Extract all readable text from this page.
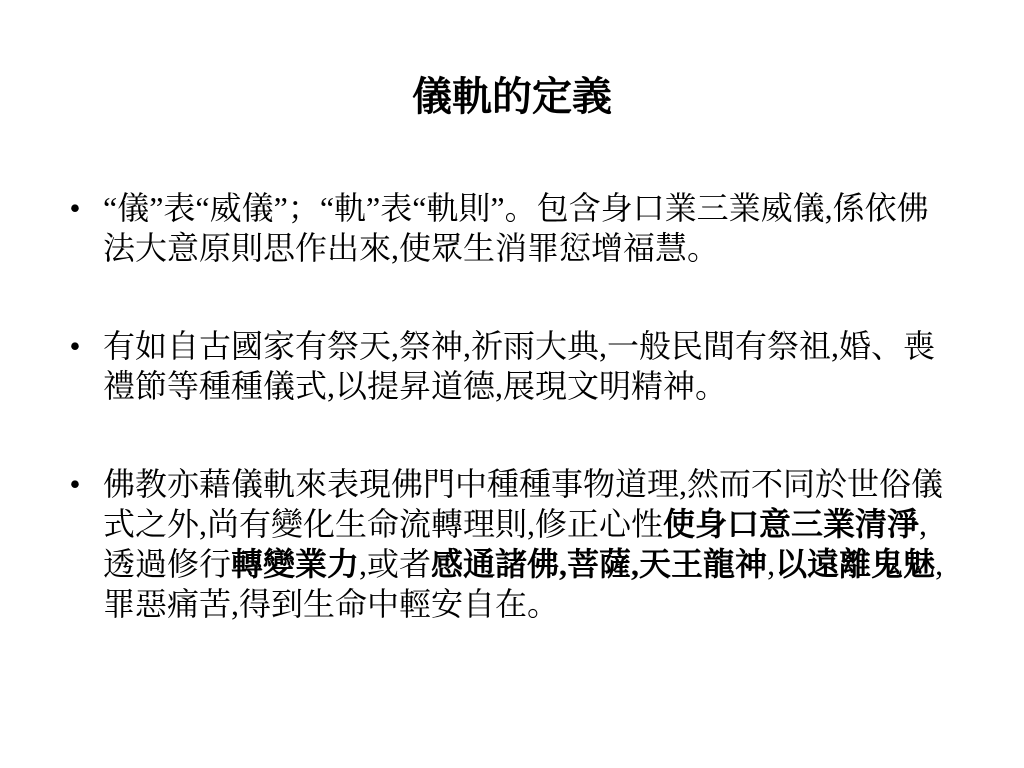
儀軌的定義
• “儀”表“威儀”；“軌”表“軌則”。包含身口業三業威儀,係依佛法大意原則思作出來,使眾生消罪愆增福慧。
• 有如自古國家有祭天,祭神,祈雨大典,一般民間有祭祖,婚、喪禮節等種種儀式,以提昇道德,展現文明精神。
• 佛教亦藉儀軌來表現佛門中種種事物道理,然而不同於世俗儀式之外,尚有變化生命流轉理則,修正心性使身口意三業清淨,透過修行轉變業力,或者感通諸佛,菩薩,天王龍神,以遠離鬼魅,罪惡痛苦,得到生命中輕安自在。
